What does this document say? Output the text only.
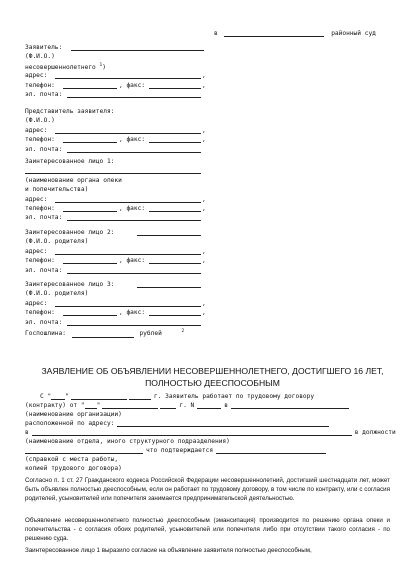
в	районный суд
Заявитель:
(Ф.И.О.)
несовершеннолетнего $^1$)
адрес:	,
телефон:	, факс:	,
эл. почта:
Представитель заявителя:
(Ф.И.О.)
адрес:	,
телефон:	, факс:	,
эл. почта:
Заинтересованное лицо 1:
(наименование органа опеки
и попечительства)
адрес:	,
телефон:	, факс:	,
эл. почта:
Заинтересованное лицо 2:
(Ф.И.О. родителя)
адрес:	,
телефон:	, факс:	,
эл. почта:
Заинтересованное лицо 3:
(Ф.И.О. родителя)
адрес:	,
телефон:	, факс:	,
эл. почта:
Госпошлина:	рублей	$^2$
ЗАЯВЛЕНИЕ ОБ ОБЪЯВЛЕНИИ НЕСОВЕРШЕННОЛЕТНЕГО, ДОСТИГШЕГО 16 ЛЕТ, ПОЛНОСТЬЮ ДЕЕСПОСОБНЫМ
С " "	г. Заявитель работает по трудовому договору
(контракту) от " "	г. N	в
(наименование организации)
расположенной по адресу:
в	в должности
(наименование отдела, иного структурного подразделения)
что подтверждается
(справкой с места работы,
копией трудового договора)
Согласно п. 1 ст. 27 Гражданского кодекса Российской Федерации несовершеннолетний, достигший шестнадцати лет, может быть объявлен полностью дееспособным, если он работает по трудовому договору, в том числе по контракту, или с согласия родителей, усыновителей или попечителя занимается предпринимательской деятельностью.
Объявление несовершеннолетнего полностью дееспособным (эмансипация) производится по решению органа опеки и попечительства - с согласия обоих родителей, усыновителей или попечителя либо при отсутствии такого согласия - по решению суда.
Заинтересованное лицо 1 выразило согласие на объявление заявителя полностью дееспособным,
